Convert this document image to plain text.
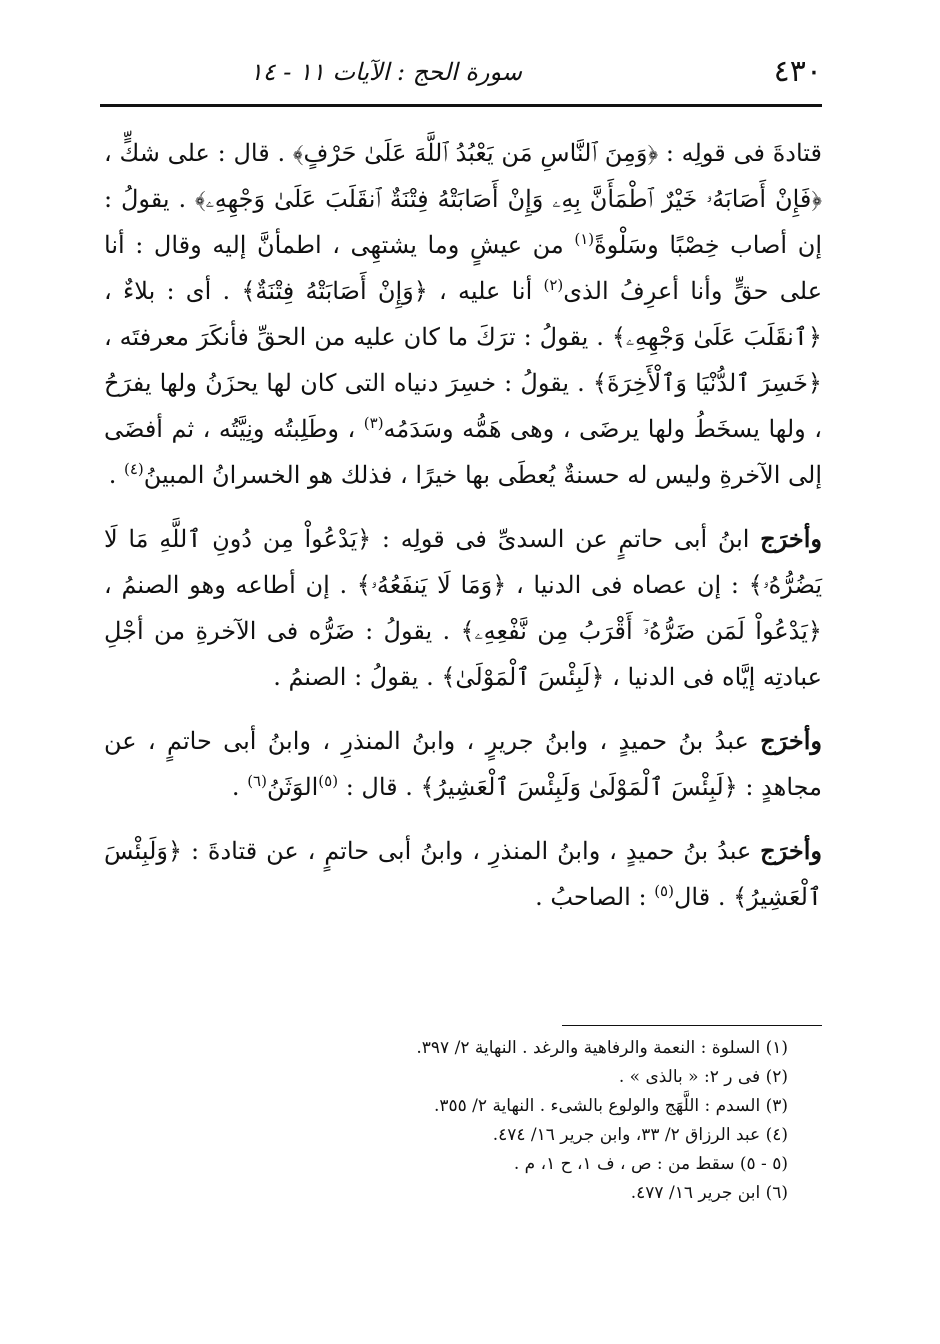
٤٣٠
سورة الحج : الآيات ١١ - ١٤

قتادةَ فى قولِه : ﴿وَمِنَ ٱلنَّاسِ مَن يَعْبُدُ ٱللَّهَ عَلَىٰ حَرْفٍ﴾ . قال : على شكٍّ ، ﴿فَإِنْ أَصَابَهُۥ خَيْرٌ ٱطْمَأَنَّ بِهِۦ وَإِنْ أَصَابَتْهُ فِتْنَةٌ ٱنقَلَبَ عَلَىٰ وَجْهِهِۦ﴾ . يقولُ : إن أصاب خِصْبًا وسَلْوةً$^{(١)}$ من عيشٍ وما يشتهِى ، اطمأنَّ إليه وقال : أنا على حقٍّ وأنا أعرِفُ الذى$^{(٢)}$ أنا عليه ، ﴿وَإِنْ أَصَابَتْهُ فِتْنَةٌ﴾ . أى : بلاءٌ ، ﴿ٱنقَلَبَ عَلَىٰ وَجْهِهِۦ﴾ . يقولُ : ترَكَ ما كان عليه من الحقِّ فأنكَرَ معرفتَه ، ﴿خَسِرَ ٱلدُّنْيَا وَٱلْأَخِرَةَ﴾ . يقولُ : خسِرَ دنياه التى كان لها يحزَنُ ولها يفرَحُ ، ولها يسخَطُ ولها يرضَى ، وهى هَمُّه وسَدَمُه$^{(٣)}$ ، وطَلِبتُه ونِيَّتُه ، ثم أفضَى إلى الآخرةِ وليس له حسنةٌ يُعطَى بها خيرًا ، فذلك هو الخسرانُ المبينُ$^{(٤)}$ .

وأخرَج ابنُ أبى حاتمٍ عن السدىِّ فى قولِه : ﴿يَدْعُواْ مِن دُونِ ٱللَّهِ مَا لَا يَضُرُّهُۥ﴾ : إن عصاه فى الدنيا ، ﴿وَمَا لَا يَنفَعُهُۥ﴾ . إن أطاعه وهو الصنمُ ، ﴿يَدْعُواْ لَمَن ضَرُّهُۥٓ أَقْرَبُ مِن نَّفْعِهِۦ﴾ . يقولُ : ضَرُّه فى الآخرةِ من أجْلِ عبادتِه إيَّاه فى الدنيا ، ﴿لَبِئْسَ ٱلْمَوْلَىٰ﴾ . يقولُ : الصنمُ .

وأخرَج عبدُ بنُ حميدٍ ، وابنُ جريرٍ ، وابنُ المنذرِ ، وابنُ أبى حاتمٍ ، عن مجاهدٍ : ﴿لَبِئْسَ ٱلْمَوْلَىٰ وَلَبِئْسَ ٱلْعَشِيرُ﴾ . قال : $^{(٥)}$الوَثَنُ$^{(٦)}$ .

وأخرَج عبدُ بنُ حميدٍ ، وابنُ المنذرِ ، وابنُ أبى حاتمٍ ، عن قتادةَ : ﴿وَلَبِئْسَ ٱلْعَشِيرُ﴾ . قال$^{(٥)}$ : الصاحبُ .

(١) السلوة : النعمة والرفاهية والرغد . النهاية ٢/ ٣٩٧.

(٢) فى ر ٢: « بالذى » .

(٣) السدم : اللَّهَج والولوع بالشىء . النهاية ٢/ ٣٥٥.

(٤) عبد الرزاق ٢/ ٣٣، وابن جرير ١٦/ ٤٧٤.

(٥ - ٥) سقط من : ص ، ف ١، ح ١، م .

(٦) ابن جرير ١٦/ ٤٧٧.
